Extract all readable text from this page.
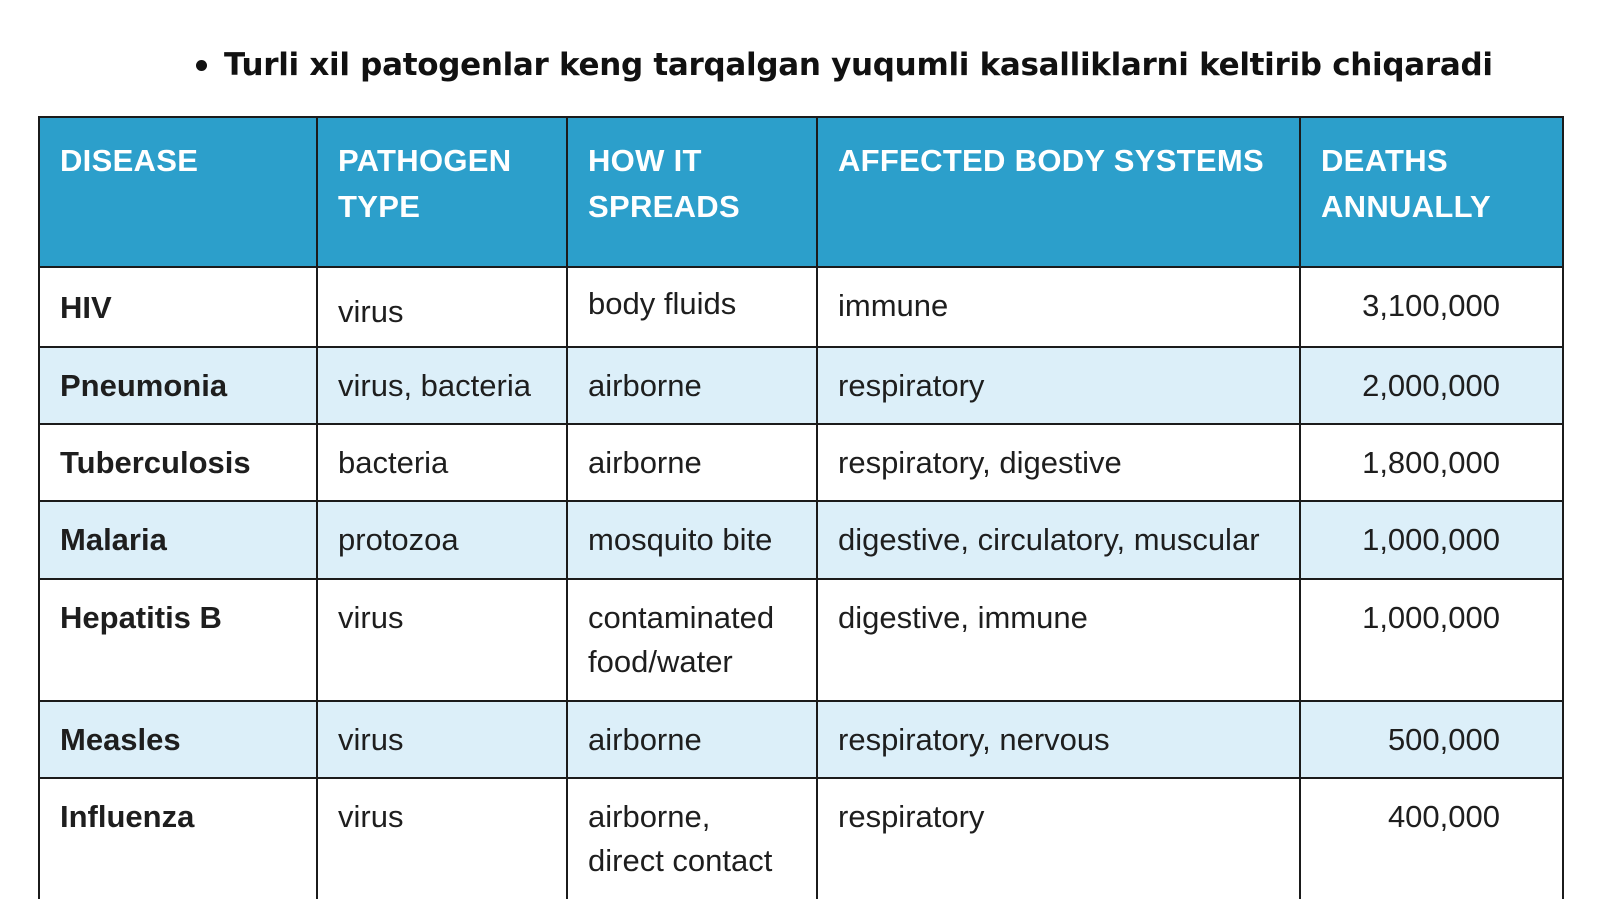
Turli xil patogenlar keng tarqalgan yuqumli kasalliklarni keltirib chiqaradi
DISEASE	PATHOGEN TYPE	HOW IT SPREADS	AFFECTED BODY SYSTEMS	DEATHS ANNUALLY
HIV	virus	body fluids	immune	3,100,000
Pneumonia	virus, bacteria	airborne	respiratory	2,000,000
Tuberculosis	bacteria	airborne	respiratory, digestive	1,800,000
Malaria	protozoa	mosquito bite	digestive, circulatory, muscular	1,000,000
Hepatitis B	virus	contaminated food/water	digestive, immune	1,000,000
Measles	virus	airborne	respiratory, nervous	500,000
Influenza	virus	airborne, direct contact	respiratory	400,000
